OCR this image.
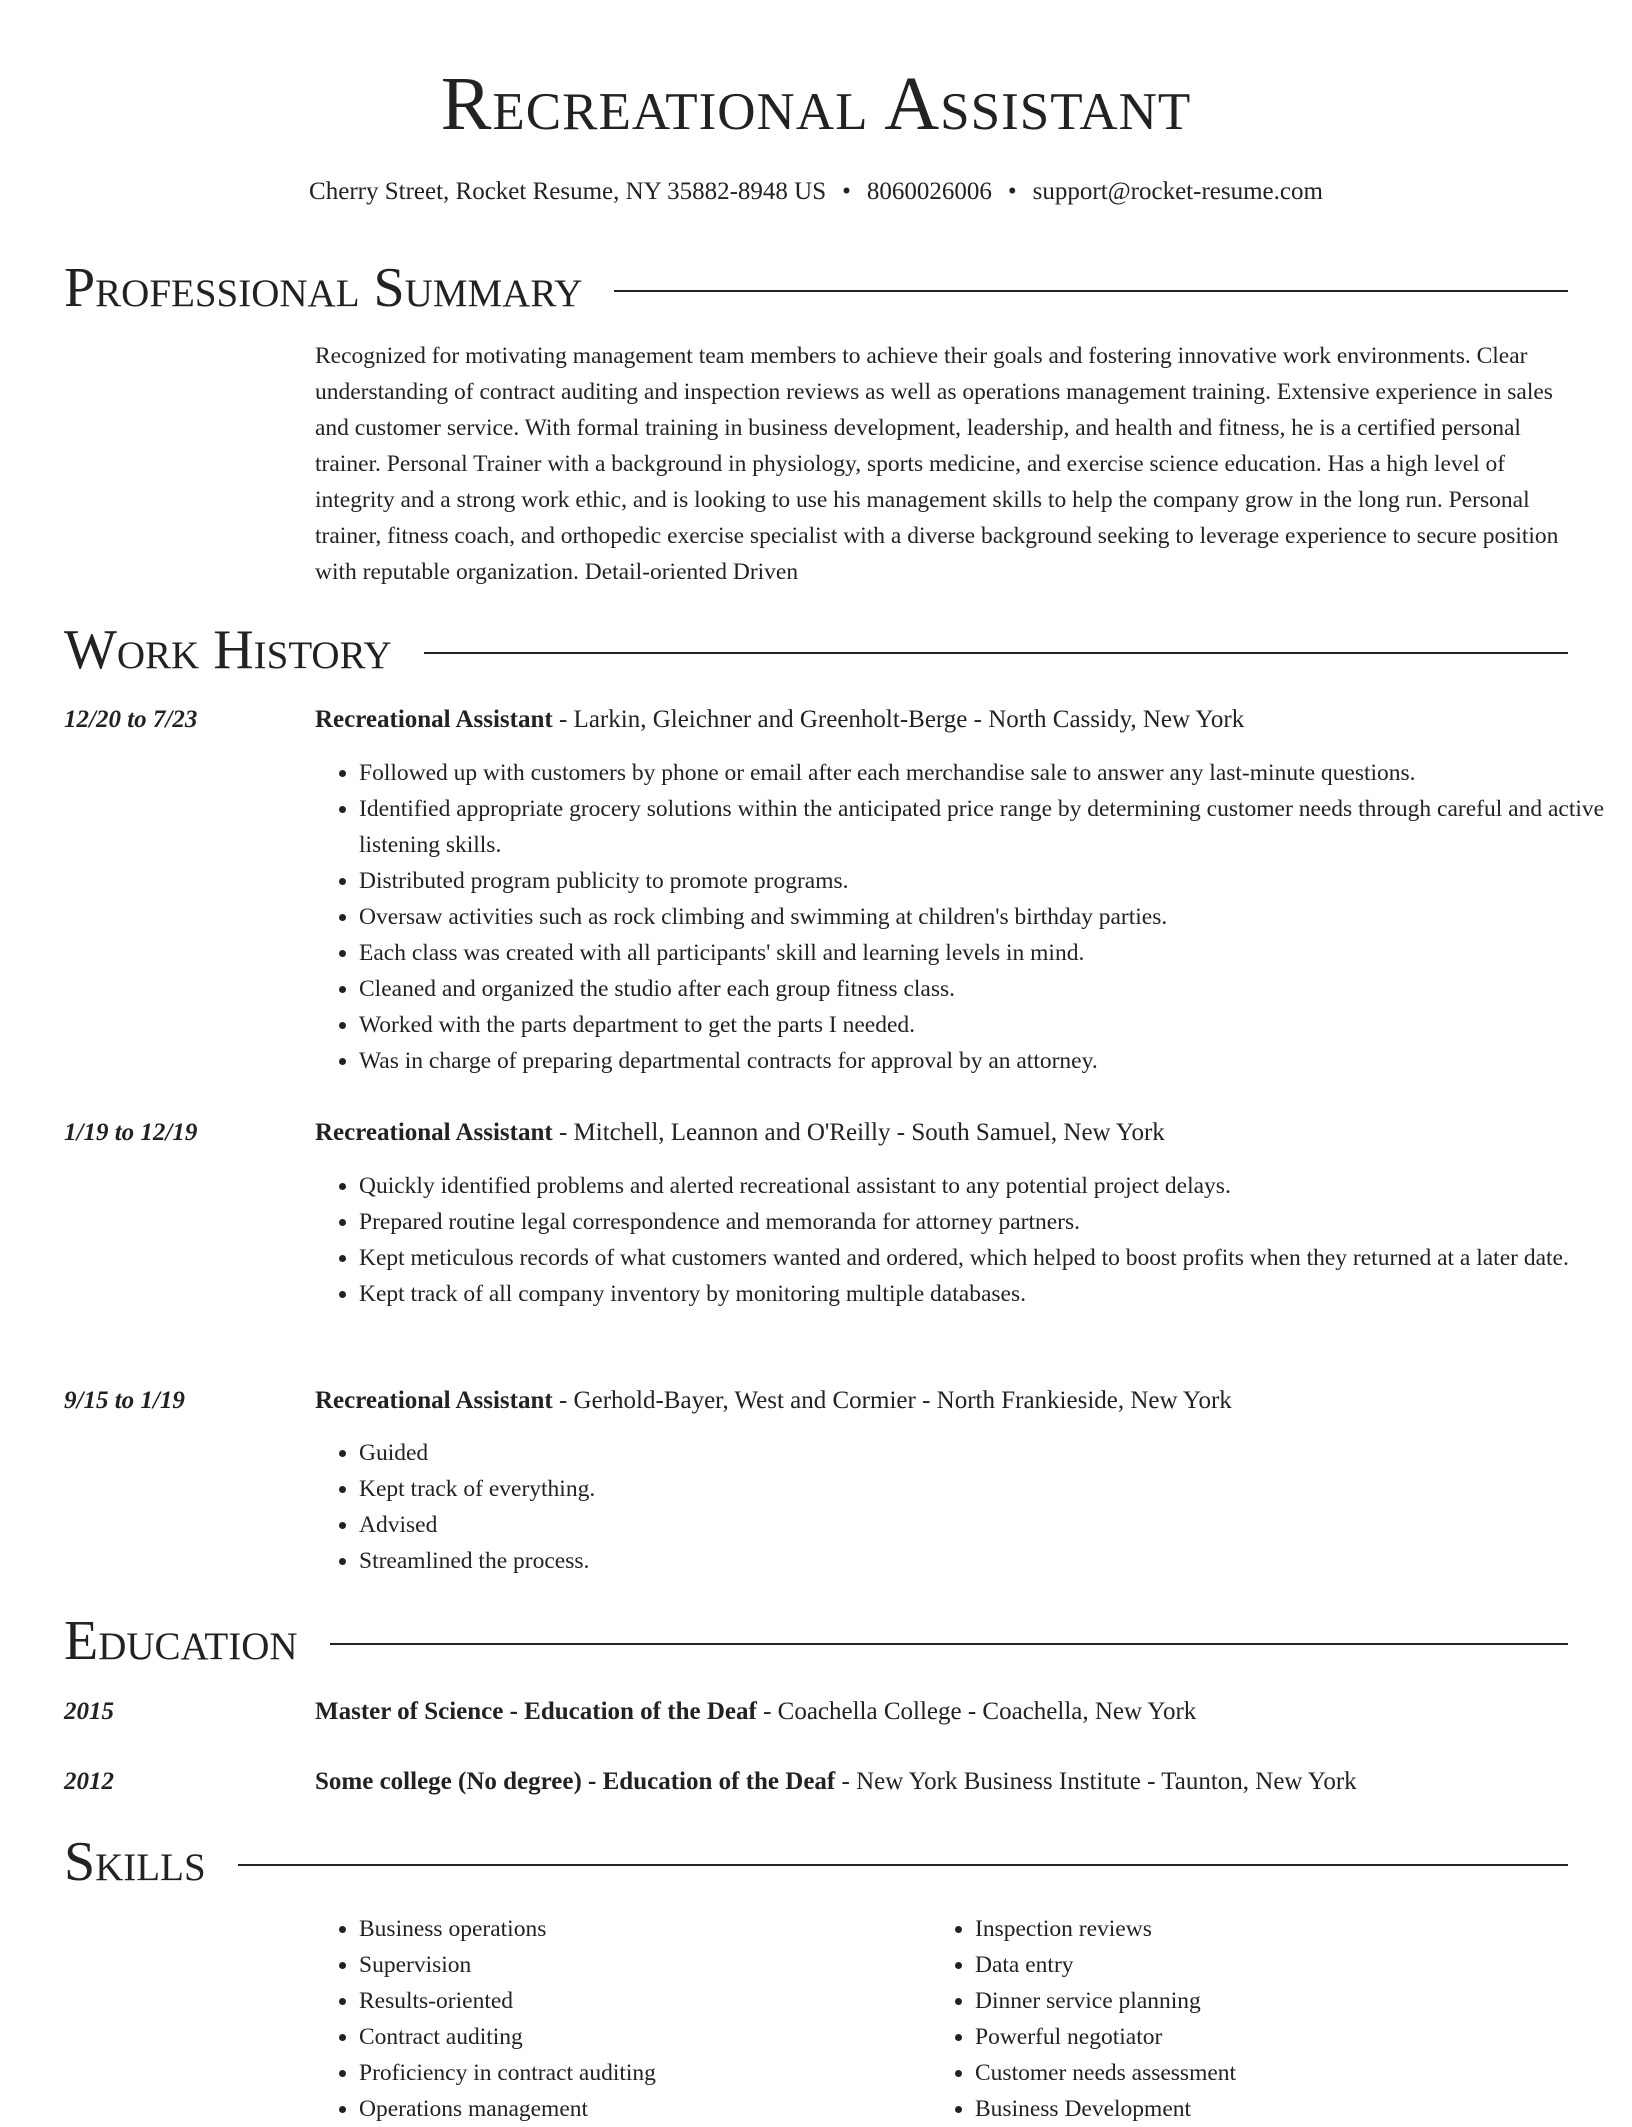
Recreational Assistant
Cherry Street, Rocket Resume, NY 35882-8948 US • 8060026006 • support@rocket-resume.com
Professional Summary
Recognized for motivating management team members to achieve their goals and fostering innovative work environments. Clear understanding of contract auditing and inspection reviews as well as operations management training. Extensive experience in sales and customer service. With formal training in business development, leadership, and health and fitness, he is a certified personal trainer. Personal Trainer with a background in physiology, sports medicine, and exercise science education. Has a high level of integrity and a strong work ethic, and is looking to use his management skills to help the company grow in the long run. Personal trainer, fitness coach, and orthopedic exercise specialist with a diverse background seeking to leverage experience to secure position with reputable organization. Detail-oriented Driven
Work History
12/20 to 7/23	Recreational Assistant - Larkin, Gleichner and Greenholt-Berge - North Cassidy, New York
• Followed up with customers by phone or email after each merchandise sale to answer any last-minute questions.
• Identified appropriate grocery solutions within the anticipated price range by determining customer needs through careful and active listening skills.
• Distributed program publicity to promote programs.
• Oversaw activities such as rock climbing and swimming at children's birthday parties.
• Each class was created with all participants' skill and learning levels in mind.
• Cleaned and organized the studio after each group fitness class.
• Worked with the parts department to get the parts I needed.
• Was in charge of preparing departmental contracts for approval by an attorney.
1/19 to 12/19	Recreational Assistant - Mitchell, Leannon and O'Reilly - South Samuel, New York
• Quickly identified problems and alerted recreational assistant to any potential project delays.
• Prepared routine legal correspondence and memoranda for attorney partners.
• Kept meticulous records of what customers wanted and ordered, which helped to boost profits when they returned at a later date.
• Kept track of all company inventory by monitoring multiple databases.
9/15 to 1/19	Recreational Assistant - Gerhold-Bayer, West and Cormier - North Frankieside, New York
• Guided
• Kept track of everything.
• Advised
• Streamlined the process.
Education
2015	Master of Science - Education of the Deaf - Coachella College - Coachella, New York
2012	Some college (No degree) - Education of the Deaf - New York Business Institute - Taunton, New York
Skills
• Business operations
• Supervision
• Results-oriented
• Contract auditing
• Proficiency in contract auditing
• Operations management
• Inspection reviews
• Data entry
• Dinner service planning
• Powerful negotiator
• Customer needs assessment
• Business Development
